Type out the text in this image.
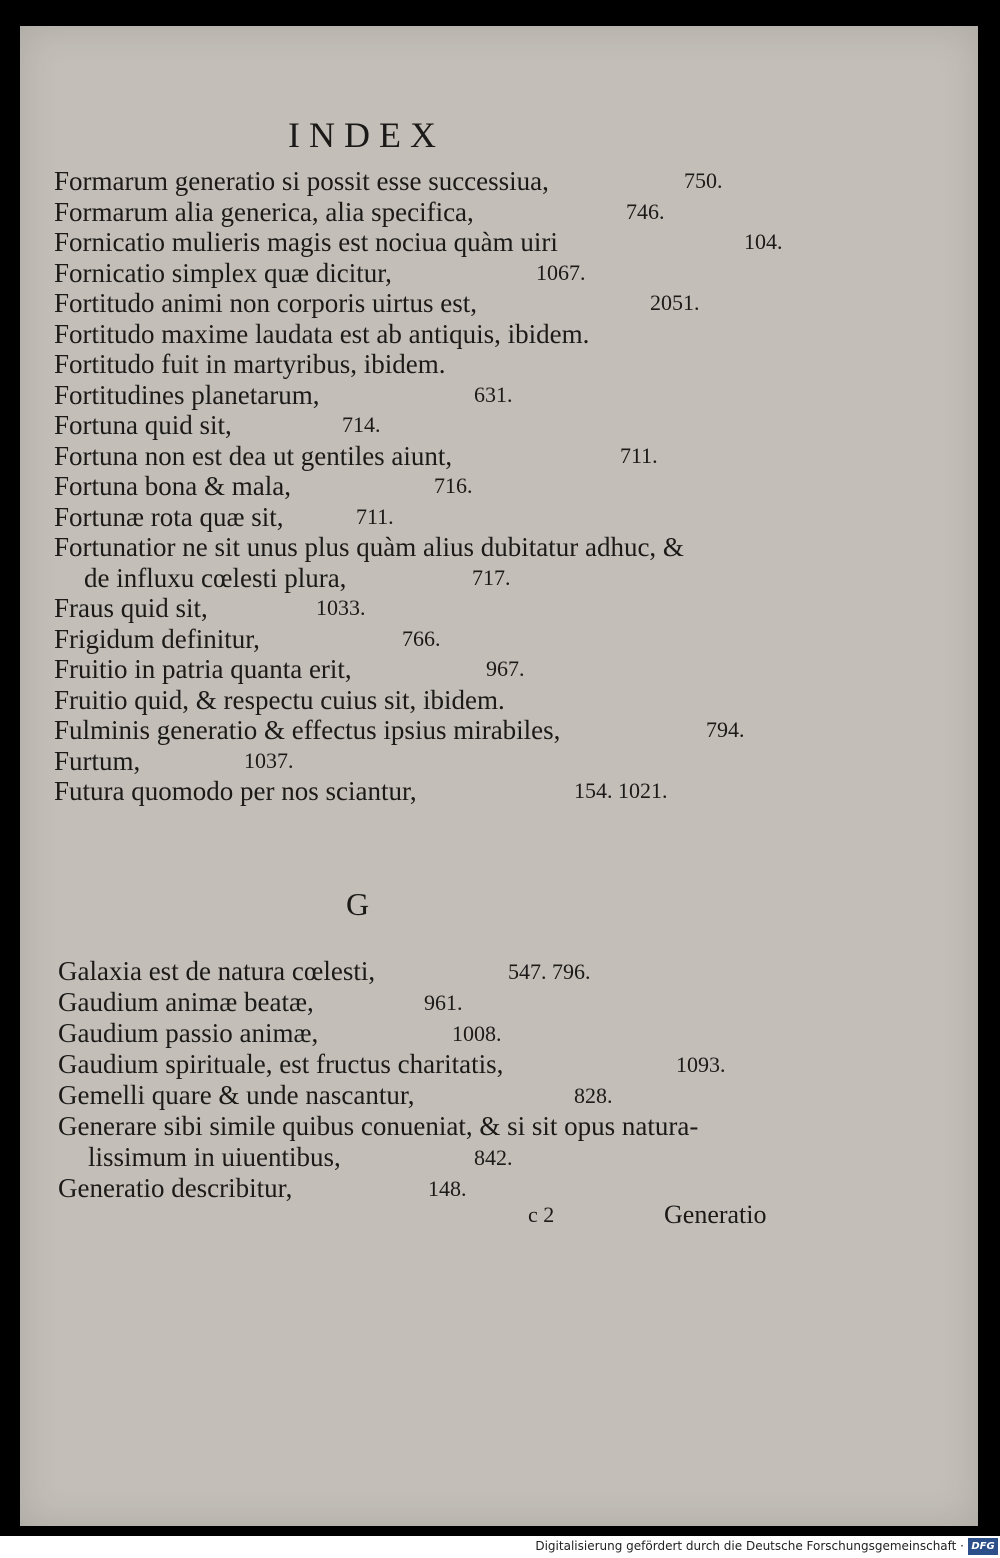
INDEX
Formarum generatio si possit esse successiua,	750.
Formarum alia generica, alia specifica,	746.
Fornicatio mulieris magis est nociua quàm uiri	104.
Fornicatio simplex quæ dicitur,	1067.
Fortitudo animi non corporis uirtus est,	2051.
Fortitudo maxime laudata est ab antiquis, ibidem.
Fortitudo fuit in martyribus, ibidem.
Fortitudines planetarum,	631.
Fortuna quid sit,	714.
Fortuna non est dea ut gentiles aiunt,	711.
Fortuna bona & mala,	716.
Fortunæ rota quæ sit,	711.
Fortunatior ne sit unus plus quàm alius dubitatur adhuc, &
de influxu cœlesti plura,	717.
Fraus quid sit,	1033.
Frigidum definitur,	766.
Fruitio in patria quanta erit,	967.
Fruitio quid, & respectu cuius sit, ibidem.
Fulminis generatio & effectus ipsius mirabiles,	794.
Furtum,	1037.
Futura quomodo per nos sciantur,	154. 1021.
G
Galaxia est de natura cœlesti,	547. 796.
Gaudium animæ beatæ,	961.
Gaudium passio animæ,	1008.
Gaudium spirituale, est fructus charitatis,	1093.
Gemelli quare & unde nascantur,	828.
Generare sibi simile quibus conueniat, & si sit opus natura-
lissimum in uiuentibus,	842.
Generatio describitur,	148.
c 2	Generatio
Digitalisierung gefördert durch die Deutsche Forschungsgemeinschaft · DFG
